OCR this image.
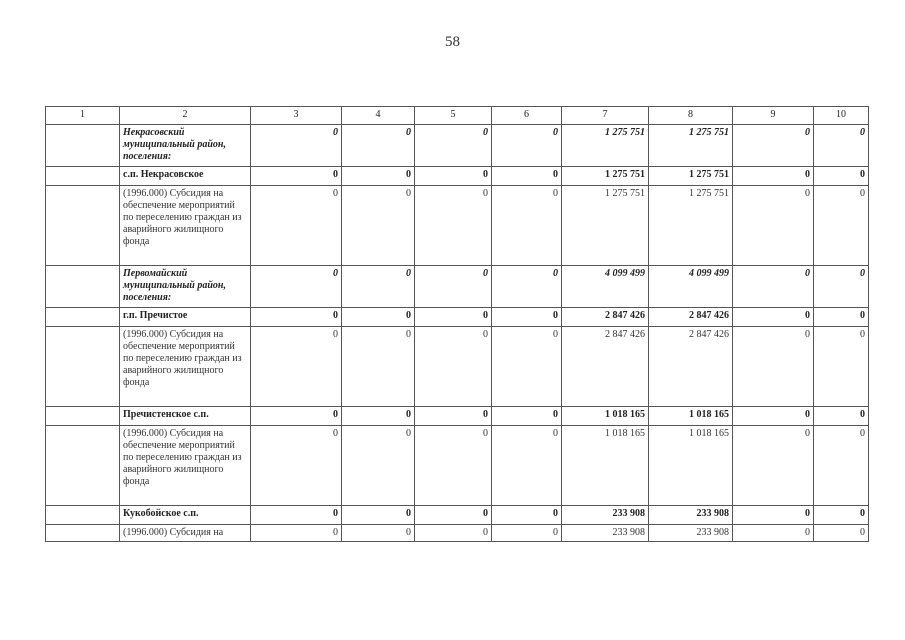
58
1	2	3	4	5	6	7	8	9	10
	Некрасовский муниципальный район, поселения:	0	0	0	0	1 275 751	1 275 751	0	0
	с.п. Некрасовское	0	0	0	0	1 275 751	1 275 751	0	0
	(1996.000) Субсидия на обеспечение мероприятий по переселению граждан из аварийного жилищного фонда	0	0	0	0	1 275 751	1 275 751	0	0
	Первомайский муниципальный район, поселения:	0	0	0	0	4 099 499	4 099 499	0	0
	г.п. Пречистое	0	0	0	0	2 847 426	2 847 426	0	0
	(1996.000) Субсидия на обеспечение мероприятий по переселению граждан из аварийного жилищного фонда	0	0	0	0	2 847 426	2 847 426	0	0
	Пречистенское с.п.	0	0	0	0	1 018 165	1 018 165	0	0
	(1996.000) Субсидия на обеспечение мероприятий по переселению граждан из аварийного жилищного фонда	0	0	0	0	1 018 165	1 018 165	0	0
	Кукобойское с.п.	0	0	0	0	233 908	233 908	0	0
	(1996.000) Субсидия на	0	0	0	0	233 908	233 908	0	0
